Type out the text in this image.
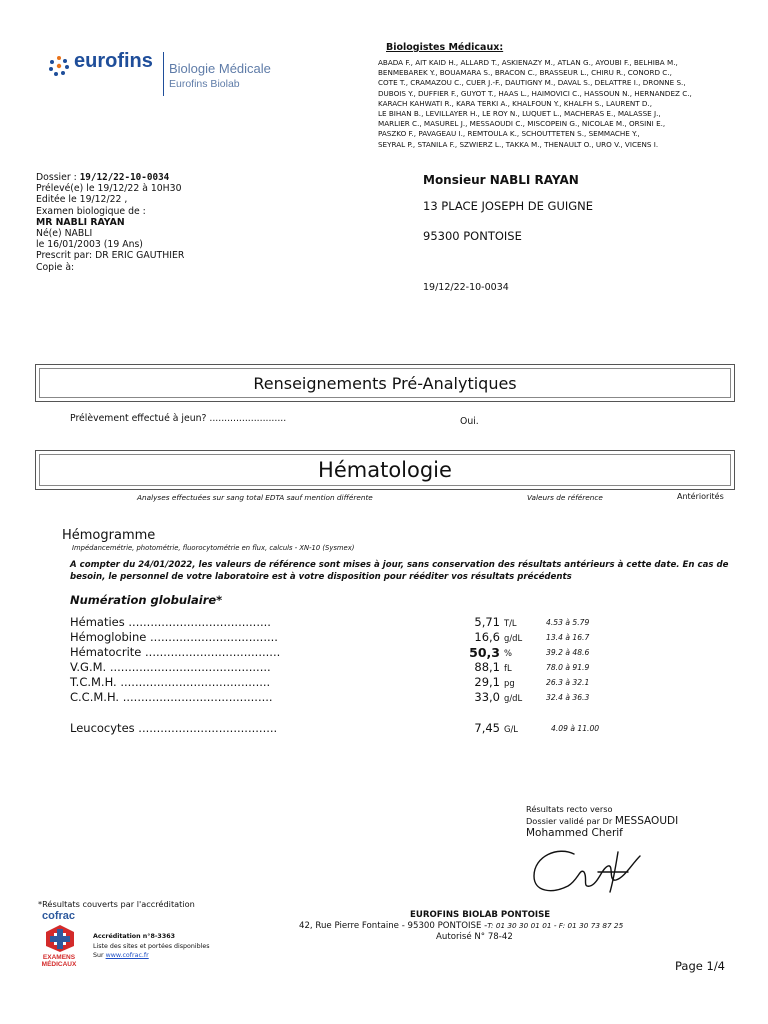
eurofins Biologie Médicale
Eurofins Biolab
Biologistes Médicaux:
ABADA F., AIT KAID H., ALLARD T., ASKIENAZY M., ATLAN G., AYOUBI F., BELHIBA M.,
BENMEBAREK Y., BOUAMARA S., BRACON C., BRASSEUR L., CHIRU R., CONORD C.,
COTE T., CRAMAZOU C., CUER J.-F., DAUTIGNY M., DAVAL S., DELATTRE I., DRONNE S.,
DUBOIS Y., DUFFIER F., GUYOT T., HAAS L., HAIMOVICI C., HASSOUN N., HERNANDEZ C.,
KARACH KAHWATI R., KARA TERKI A., KHALFOUN Y., KHALFH S., LAURENT D.,
LE BIHAN B., LEVILLAYER H., LE ROY N., LUQUET L., MACHERAS E., MALASSE J.,
MARLIER C., MASUREL J., MESSAOUDI C., MISCOPEIN G., NICOLAE M., ORSINI E.,
PASZKO F., PAVAGEAU I., REMTOULA K., SCHOUTTETEN S., SEMMACHE Y.,
SEYRAL P., STANILA F., SZWIERZ L., TAKKA M., THENAULT O., URO V., VICENS I.
Dossier : 19/12/22-10-0034
Prélevé(e) le 19/12/22 à 10H30
Editée le 19/12/22 ,
Examen biologique de :
MR NABLI RAYAN
Né(e) NABLI
le 16/01/2003 (19 Ans)
Prescrit par: DR ERIC GAUTHIER
Copie à:
Monsieur NABLI RAYAN
13 PLACE JOSEPH DE GUIGNE
95300 PONTOISE
19/12/22-10-0034
Renseignements Pré-Analytiques
Prélèvement effectué à jeun? ..........................	Oui.
Hématologie
Analyses effectuées sur sang total EDTA sauf mention différente	Valeurs de référence	Antériorités
Hémogramme
Impédancemétrie, photométrie, fluorocytométrie en flux, calculs - XN-10 (Sysmex)
A compter du 24/01/2022, les valeurs de référence sont mises à jour, sans conservation des résultats antérieurs à cette date. En cas de besoin, le personnel de votre laboratoire est à votre disposition pour rééditer vos résultats précédents
Numération globulaire*
Hématies .......................................	5,71 T/L	4.53 à 5.79
Hémoglobine ...................................	16,6 g/dL	13.4 à 16.7
Hématocrite .....................................	50,3 %	39.2 à 48.6
V.G.M. ............................................	88,1 fL	78.0 à 91.9
T.C.M.H. .........................................	29,1 pg	26.3 à 32.1
C.C.M.H. .........................................	33,0 g/dL	32.4 à 36.3
Leucocytes ......................................	7,45 G/L	4.09 à 11.00
Résultats recto verso
Dossier validé par Dr MESSAOUDI
Mohammed Cherif
*Résultats couverts par l'accréditation
cofrac
EXAMENS MÉDICAUX
Accréditation n°8-3363
Liste des sites et portées disponibles
Sur www.cofrac.fr
EUROFINS BIOLAB PONTOISE
42, Rue Pierre Fontaine - 95300 PONTOISE -T: 01 30 30 01 01 - F: 01 30 73 87 25
Autorisé N° 78-42
Page 1/4
